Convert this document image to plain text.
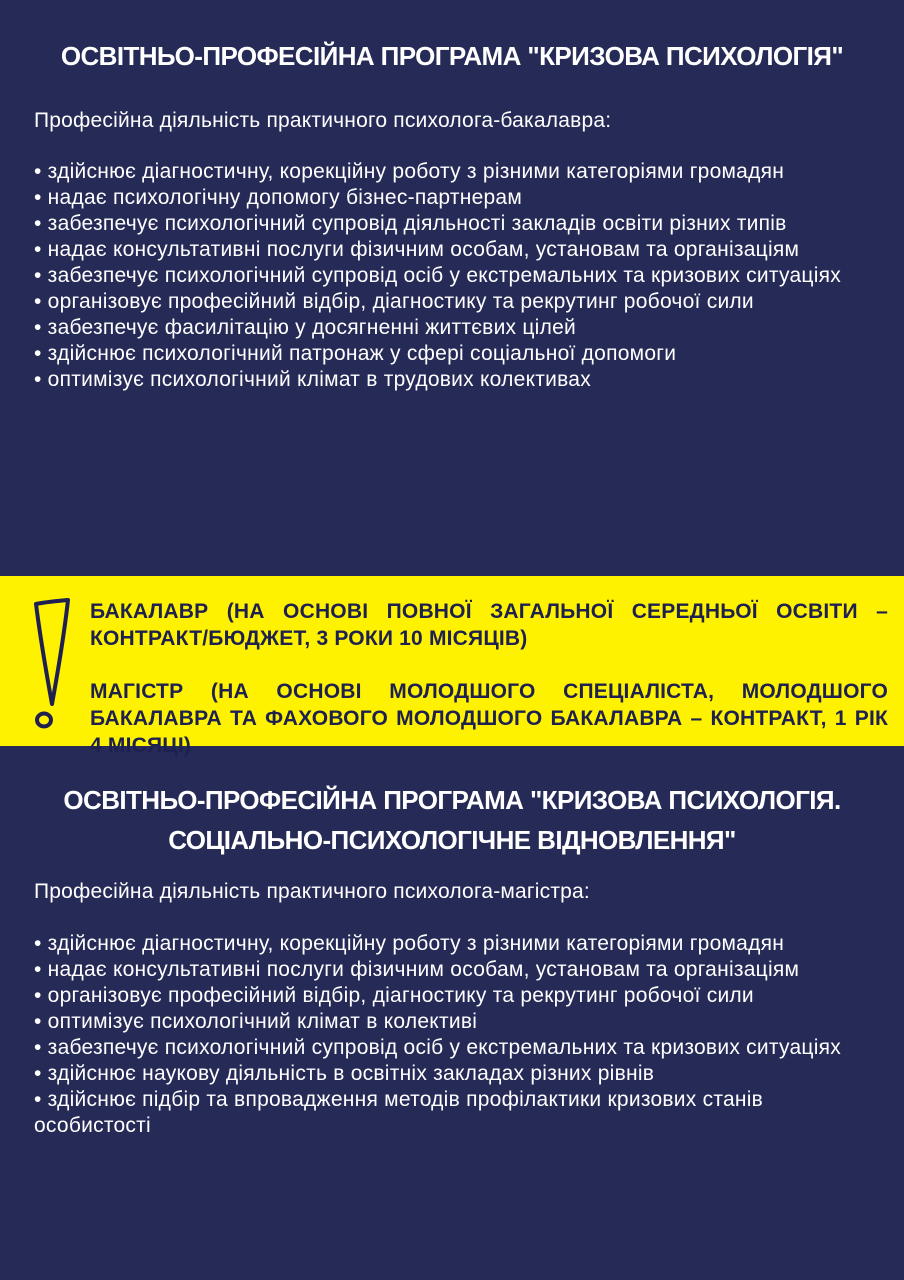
ОСВІТНЬО-ПРОФЕСІЙНА ПРОГРАМА "КРИЗОВА ПСИХОЛОГІЯ"

Професійна діяльність практичного психолога-бакалавра:

• здійснює діагностичну, корекційну роботу з різними категоріями громадян
• надає психологічну допомогу бізнес-партнерам
• забезпечує психологічний супровід діяльності закладів освіти різних типів
• надає консультативні послуги фізичним особам, установам та організаціям
• забезпечує психологічний супровід осіб у екстремальних та кризових ситуаціях
• організовує професійний відбір, діагностику та рекрутинг робочої сили
• забезпечує фасилітацію у досягненні життєвих цілей
• здійснює психологічний патронаж у сфері соціальної допомоги
• оптимізує психологічний клімат в трудових колективах

БАКАЛАВР (НА ОСНОВІ ПОВНОЇ ЗАГАЛЬНОЇ СЕРЕДНЬОЇ ОСВІТИ – КОНТРАКТ/БЮДЖЕТ, 3 РОКИ 10 МІСЯЦІВ)

МАГІСТР (НА ОСНОВІ МОЛОДШОГО СПЕЦІАЛІСТА, МОЛОДШОГО БАКАЛАВРА ТА ФАХОВОГО МОЛОДШОГО БАКАЛАВРА – КОНТРАКТ, 1 РІК 4 МІСЯЦІ)

ОСВІТНЬО-ПРОФЕСІЙНА ПРОГРАМА "КРИЗОВА ПСИХОЛОГІЯ. СОЦІАЛЬНО-ПСИХОЛОГІЧНЕ ВІДНОВЛЕННЯ"

Професійна діяльність практичного психолога-магістра:

• здійснює діагностичну, корекційну роботу з різними категоріями громадян
• надає консультативні послуги фізичним особам, установам та організаціям
• організовує професійний відбір, діагностику та рекрутинг робочої сили
• оптимізує психологічний клімат в колективі
• забезпечує психологічний супровід осіб у екстремальних та кризових ситуаціях
• здійснює наукову діяльність в освітніх закладах різних рівнів
• здійснює підбір та впровадження методів профілактики кризових станів особистості
